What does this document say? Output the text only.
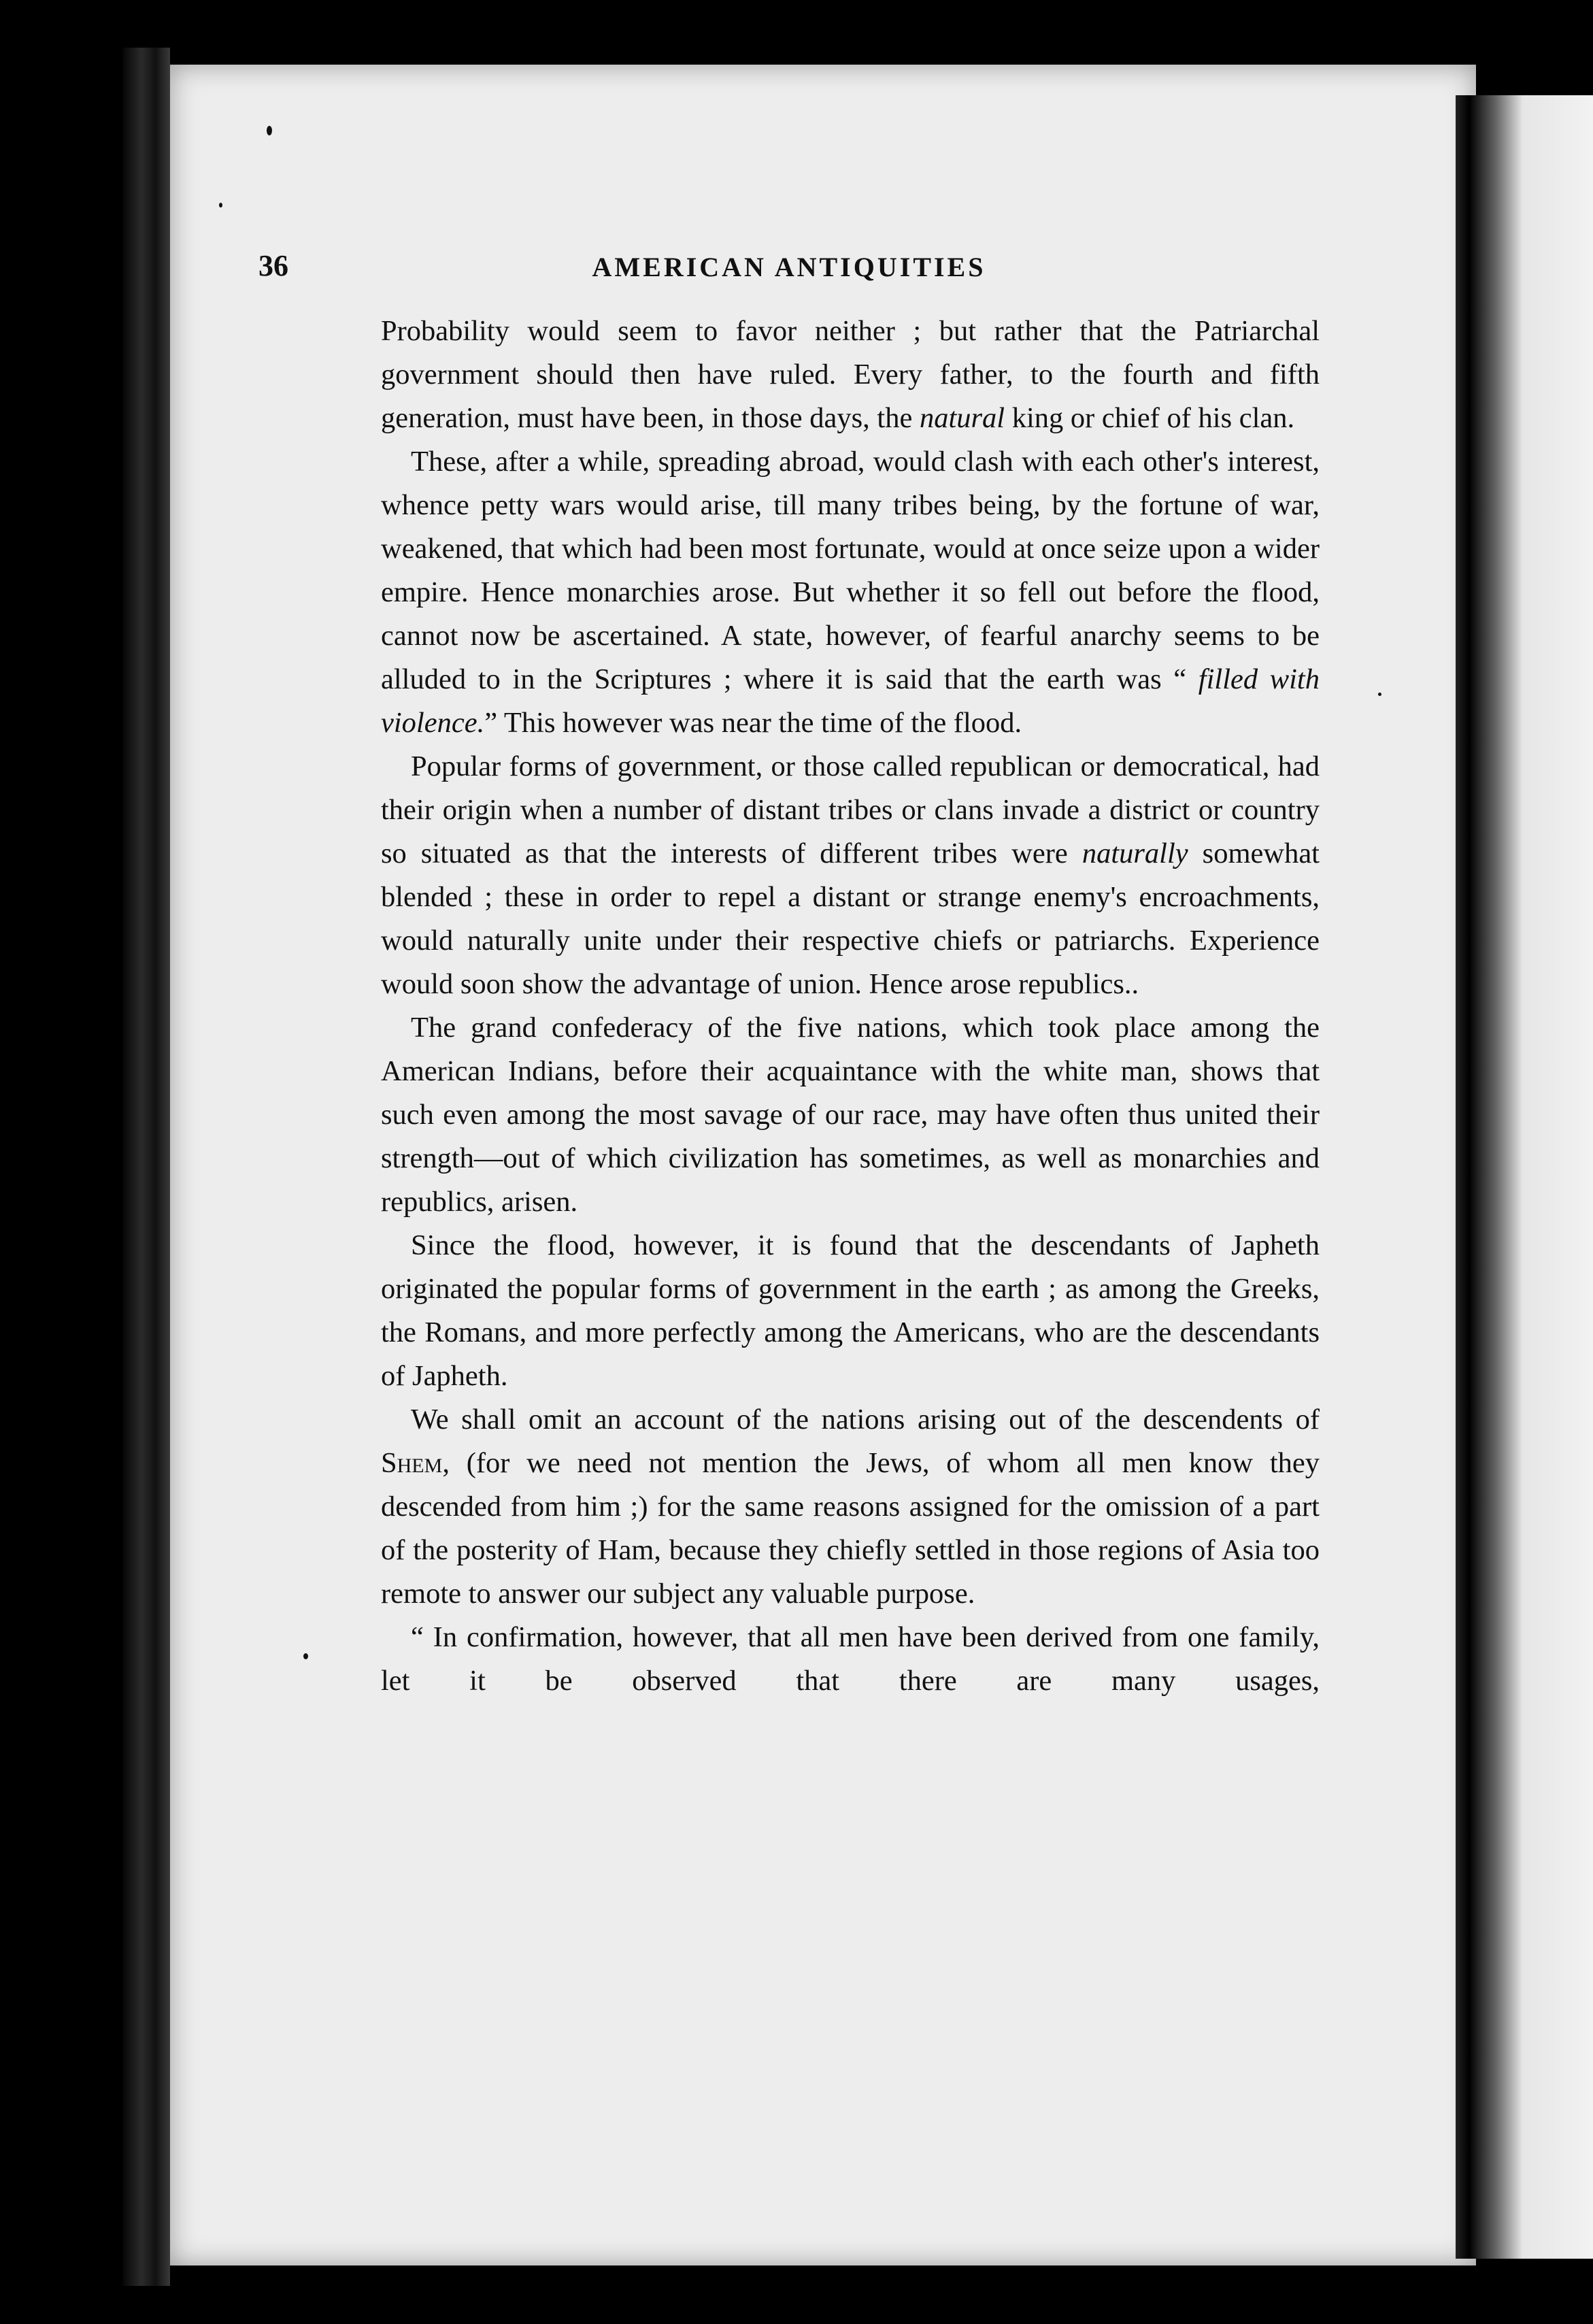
36	AMERICAN ANTIQUITIES

Probability would seem to favor neither ; but rather that the Patriarchal government should then have ruled. Every father, to the fourth and fifth generation, must have been, in those days, the natural king or chief of his clan.

These, after a while, spreading abroad, would clash with each other's interest, whence petty wars would arise, till many tribes being, by the fortune of war, weakened, that which had been most fortunate, would at once seize upon a wider empire. Hence monarchies arose. But whether it so fell out before the flood, cannot now be ascertained. A state, however, of fearful anarchy seems to be alluded to in the Scriptures ; where it is said that the earth was “ filled with violence.” This however was near the time of the flood.

Popular forms of government, or those called republican or democratical, had their origin when a number of distant tribes or clans invade a district or country so situated as that the interests of different tribes were naturally somewhat blended ; these in order to repel a distant or strange enemy's encroachments, would naturally unite under their respective chiefs or patriarchs. Experience would soon show the advantage of union. Hence arose republics..

The grand confederacy of the five nations, which took place among the American Indians, before their acquaintance with the white man, shows that such even among the most savage of our race, may have often thus united their strength—out of which civilization has sometimes, as well as monarchies and republics, arisen.

Since the flood, however, it is found that the descendants of Japheth originated the popular forms of government in the earth ; as among the Greeks, the Romans, and more perfectly among the Americans, who are the descendants of Japheth.

We shall omit an account of the nations arising out of the descendents of Shem, (for we need not mention the Jews, of whom all men know they descended from him ;) for the same reasons assigned for the omission of a part of the posterity of Ham, because they chiefly settled in those regions of Asia too remote to answer our subject any valuable purpose.

“ In confirmation, however, that all men have been derived from one family, let it be observed that there are many usages,
